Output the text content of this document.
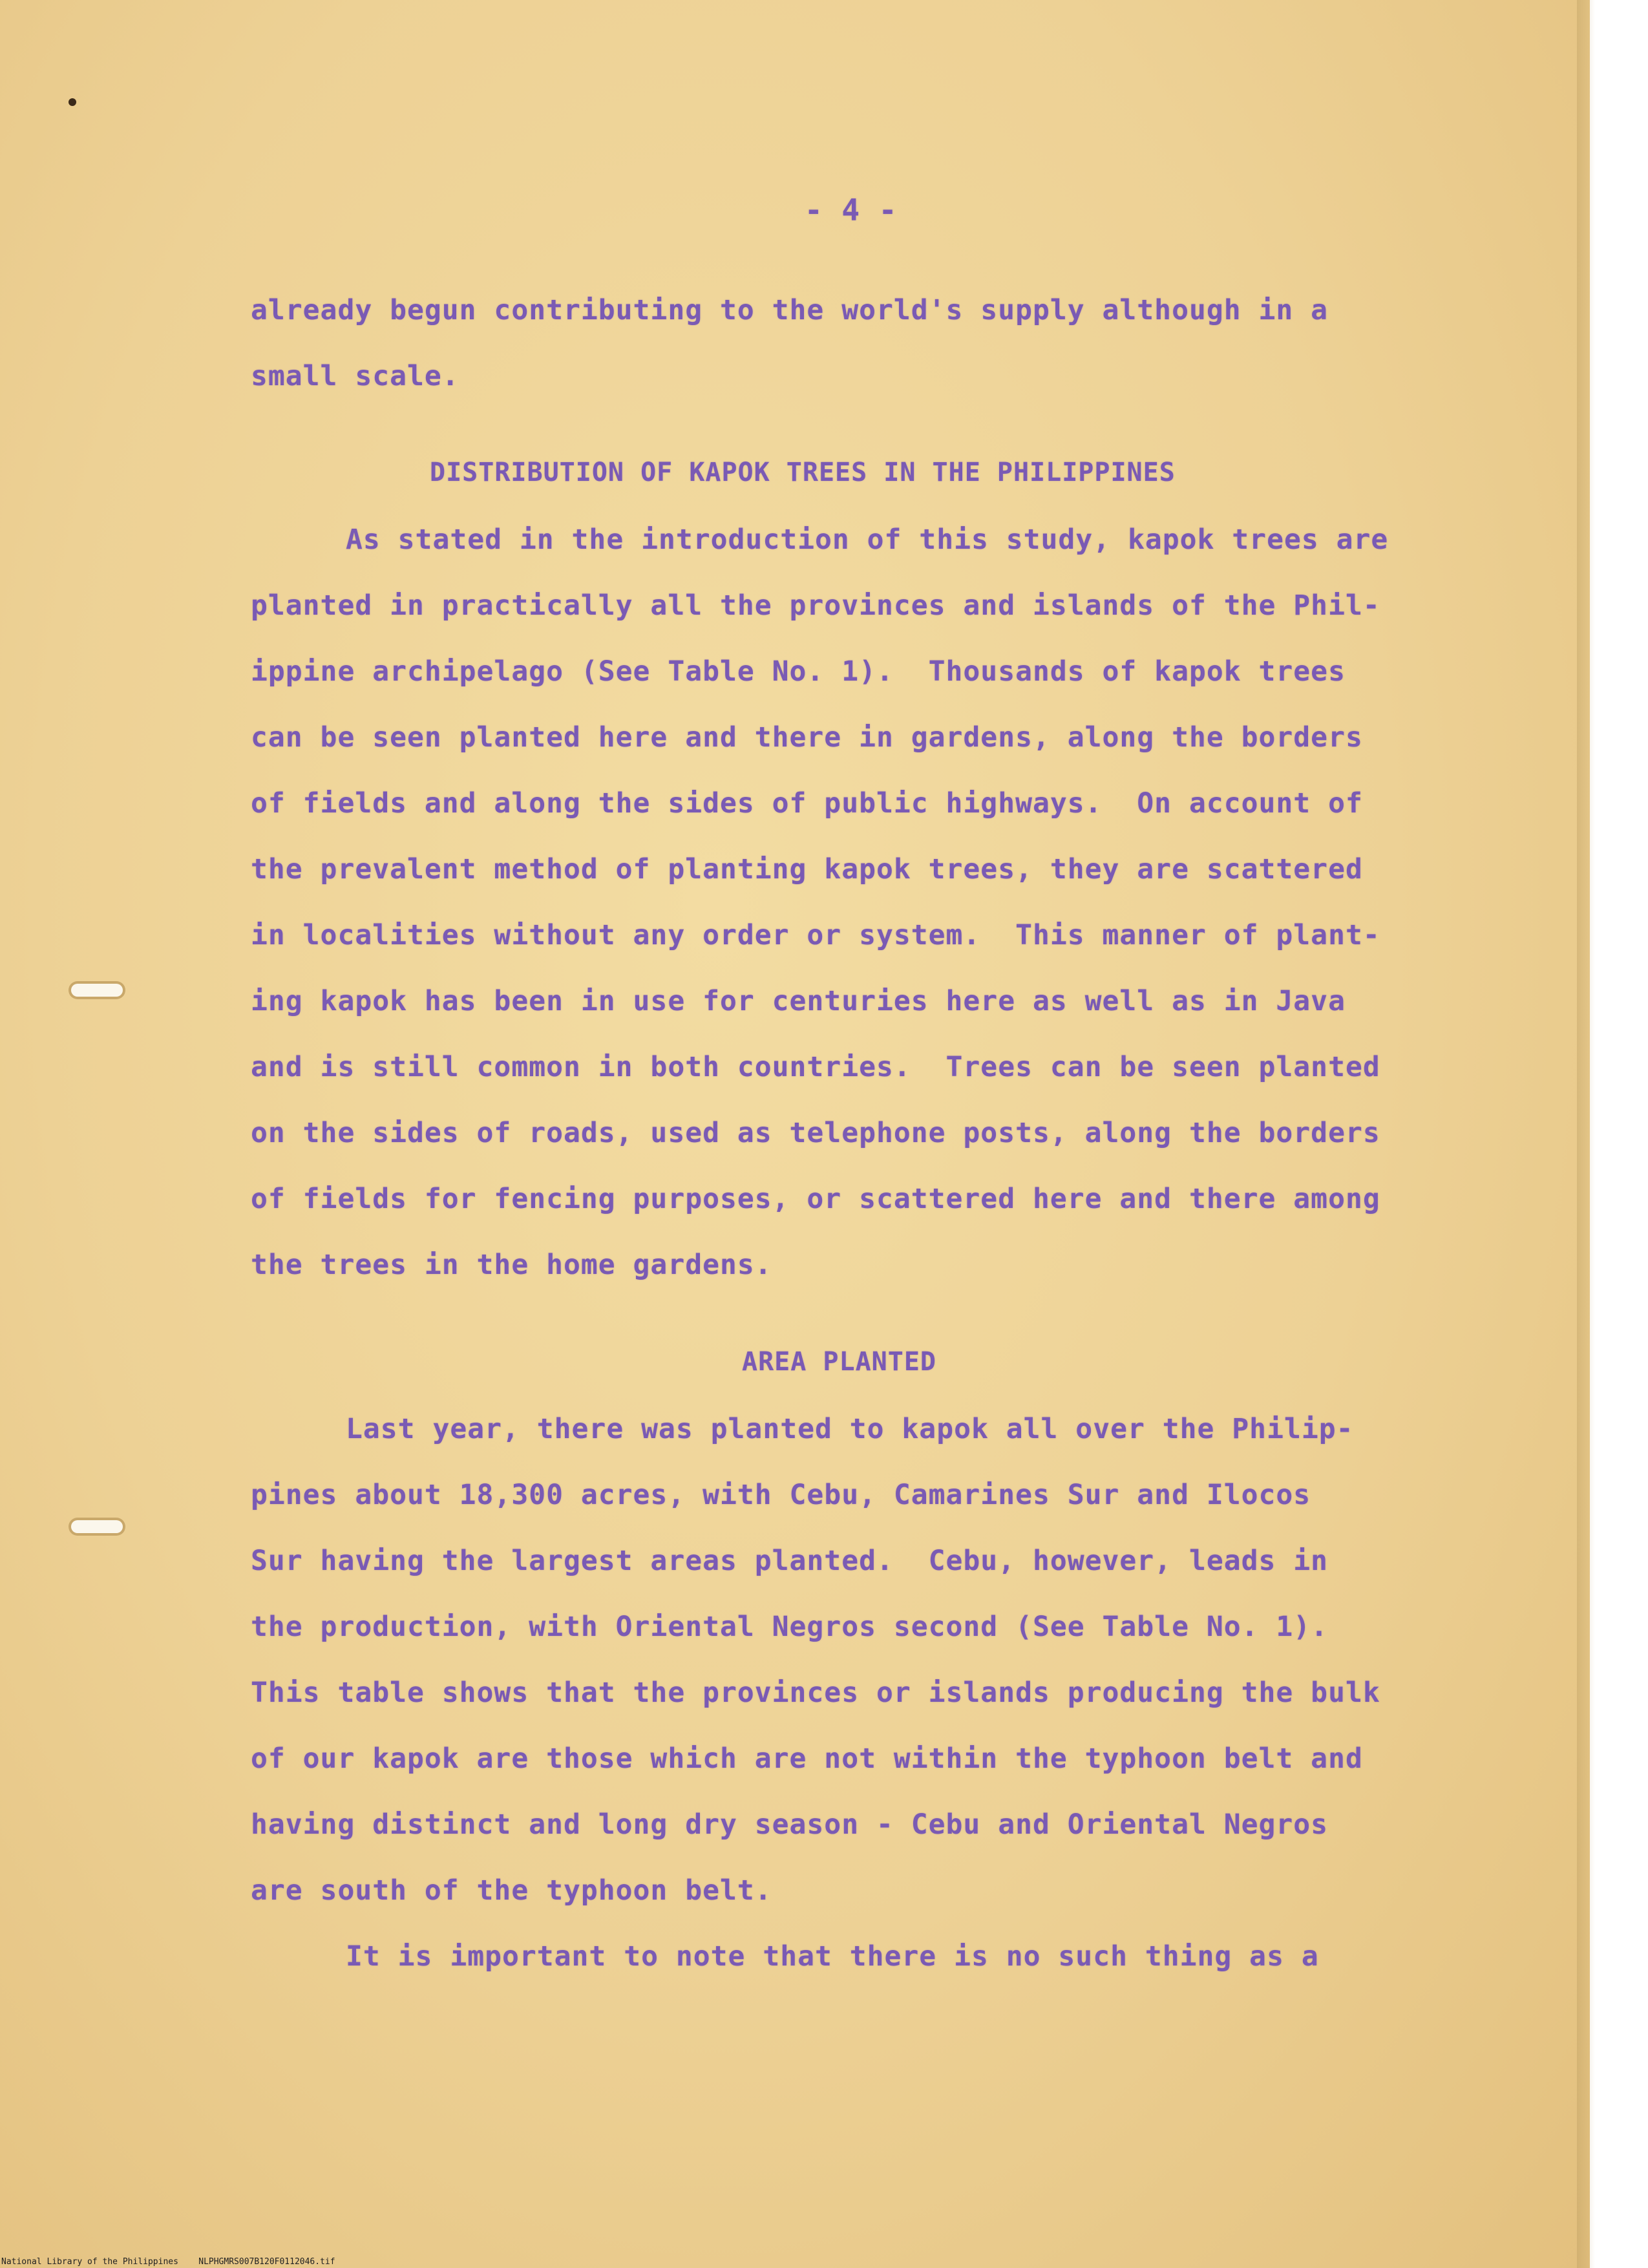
- 4 -
already begun contributing to the world's supply although in a
small scale.
DISTRIBUTION OF KAPOK TREES IN THE PHILIPPINES
As stated in the introduction of this study, kapok trees are
planted in practically all the provinces and islands of the Phil-
ippine archipelago (See Table No. 1).  Thousands of kapok trees
can be seen planted here and there in gardens, along the borders
of fields and along the sides of public highways.  On account of
the prevalent method of planting kapok trees, they are scattered
in localities without any order or system.  This manner of plant-
ing kapok has been in use for centuries here as well as in Java
and is still common in both countries.  Trees can be seen planted
on the sides of roads, used as telephone posts, along the borders
of fields for fencing purposes, or scattered here and there among
the trees in the home gardens.
AREA PLANTED
Last year, there was planted to kapok all over the Philip-
pines about 18,300 acres, with Cebu, Camarines Sur and Ilocos
Sur having the largest areas planted.  Cebu, however, leads in
the production, with Oriental Negros second (See Table No. 1).
This table shows that the provinces or islands producing the bulk
of our kapok are those which are not within the typhoon belt and
having distinct and long dry season - Cebu and Oriental Negros
are south of the typhoon belt.
It is important to note that there is no such thing as a
National Library of the Philippines NLPHGMRS007B120F0112046.tif
